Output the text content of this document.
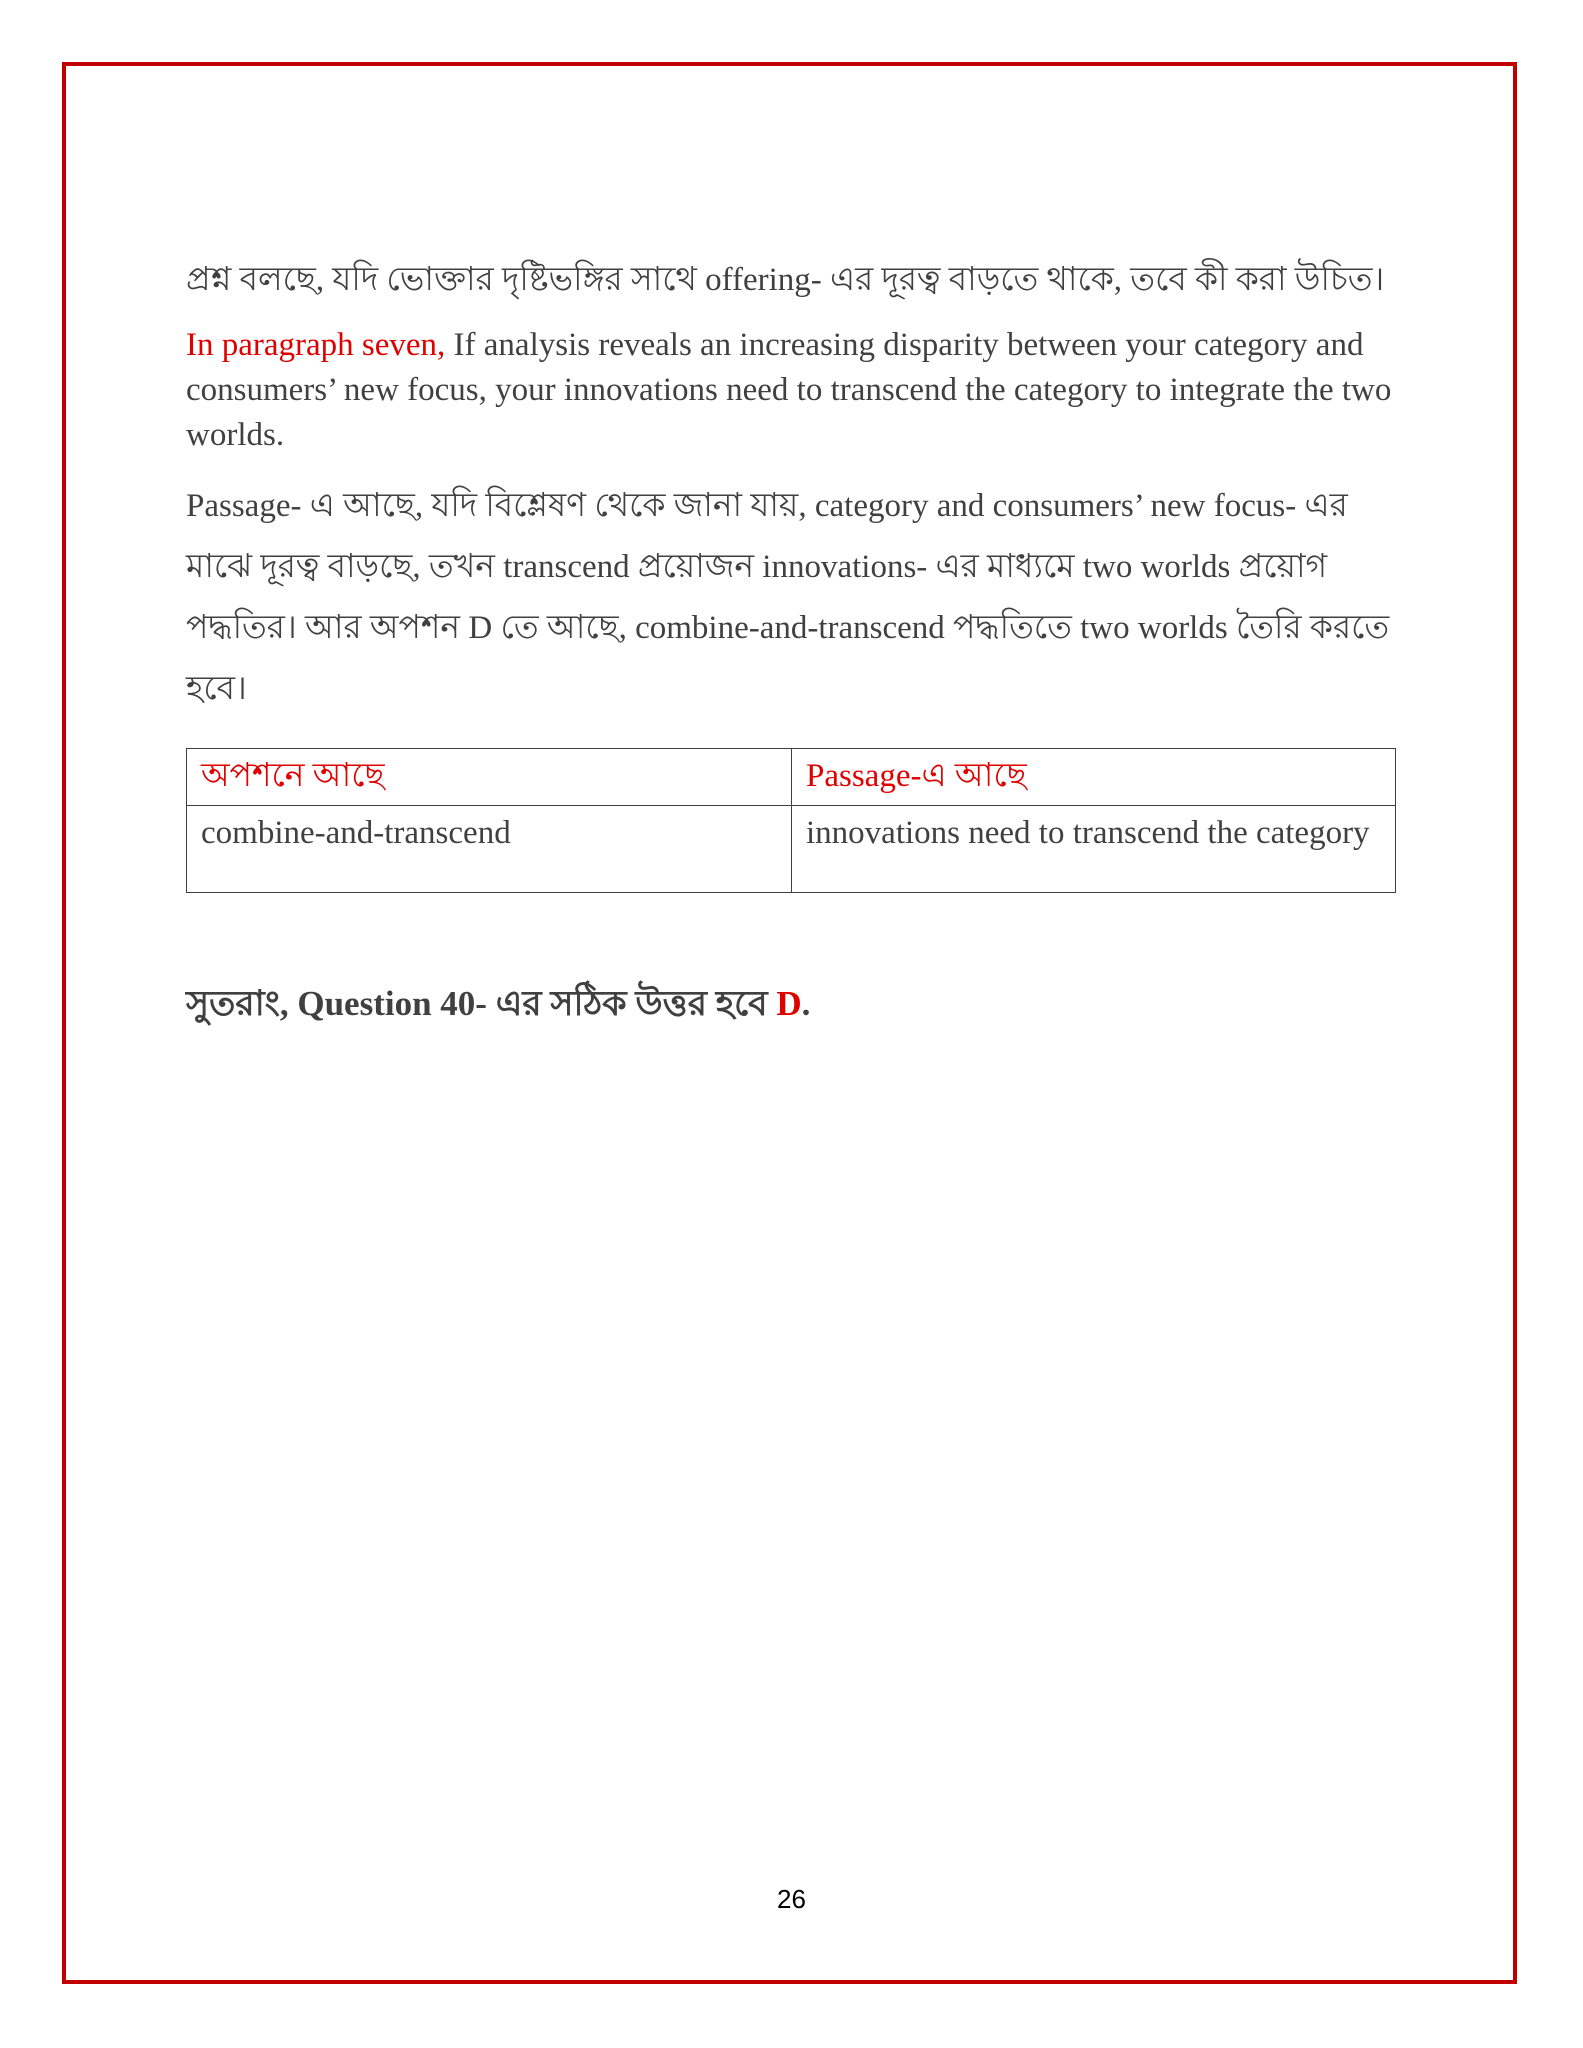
প্রশ্ন বলছে, যদি ভোক্তার দৃষ্টিভঙ্গির সাথে offering- এর দূরত্ব বাড়তে থাকে, তবে কী করা উচিত।

In paragraph seven, If analysis reveals an increasing disparity between your category and consumers’ new focus, your innovations need to transcend the category to integrate the two worlds.

Passage- এ আছে, যদি বিশ্লেষণ থেকে জানা যায়, category and consumers’ new focus- এর মাঝে দূরত্ব বাড়ছে, তখন transcend প্রয়োজন innovations- এর মাধ্যমে two worlds প্রয়োগ পদ্ধতির। আর অপশন D তে আছে, combine-and-transcend পদ্ধতিতে two worlds তৈরি করতে হবে।

অপশনে আছে	Passage-এ আছে
combine-and-transcend	innovations need to transcend the category
সুতরাং, Question 40- এর সঠিক উত্তর হবে D.
26
